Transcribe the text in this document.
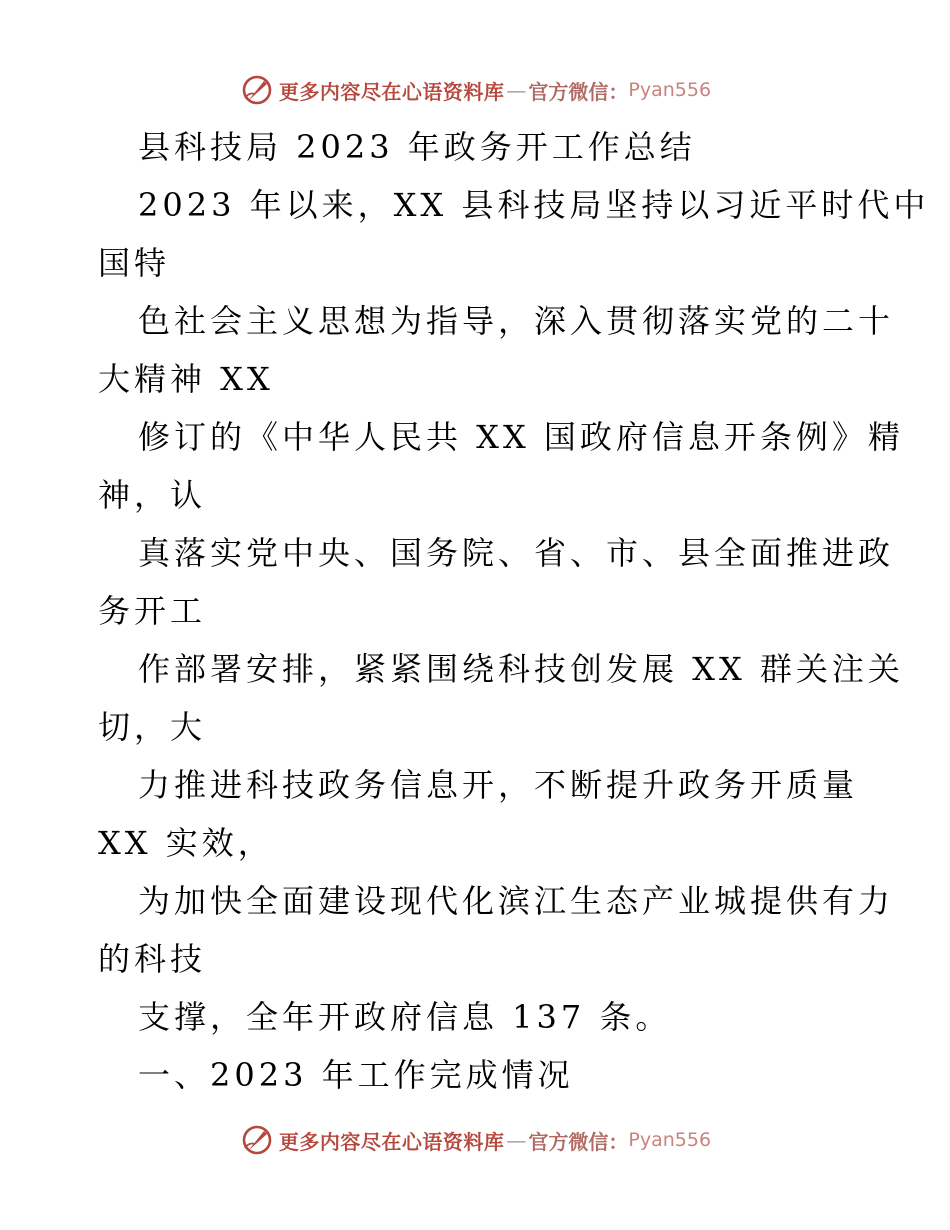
更多内容尽在心语资料库 — 官方微信： Pyan556
县科技局 2023 年政务开工作总结
2023 年以来，XX 县科技局坚持以习近平时代中
国特
色社会主义思想为指导，深入贯彻落实党的二十
大精神 XX
修订的《中华人民共 XX 国政府信息开条例》精
神，认
真落实党中央、国务院、省、市、县全面推进政
务开工
作部署安排，紧紧围绕科技创发展 XX 群关注关
切，大
力推进科技政务信息开，不断提升政务开质量
XX 实效，
为加快全面建设现代化滨江生态产业城提供有力
的科技
支撑，全年开政府信息 137 条。
一、2023 年工作完成情况
更多内容尽在心语资料库 — 官方微信： Pyan556
